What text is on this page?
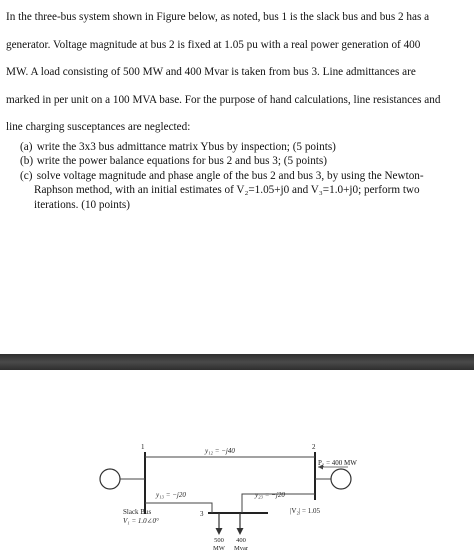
In the three-bus system shown in Figure below, as noted, bus 1 is the slack bus and bus 2 has a
generator. Voltage magnitude at bus 2 is fixed at 1.05 pu with a real power generation of 400
MW. A load consisting of 500 MW and 400 Mvar is taken from bus 3. Line admittances are
marked in per unit on a 100 MVA base. For the purpose of hand calculations, line resistances and
line charging susceptances are neglected:
(a) write the 3x3 bus admittance matrix Ybus by inspection; (5 points)
(b) write the power balance equations for bus 2 and bus 3; (5 points)
(c) solve voltage magnitude and phase angle of the bus 2 and bus 3, by using the Newton-
Raphson method, with an initial estimates of V₂=1.05+j0 and V₃=1.0+j0; perform two
iterations. (10 points)
1	2
3
y₁₂ = −j40
y₁₃ = −j20	y₂₃ = −j20
P₂ = 400 MW
|V₂| = 1.05
Slack Bus
V₁ = 1.0∠0°
500
MW
400
Mvar
